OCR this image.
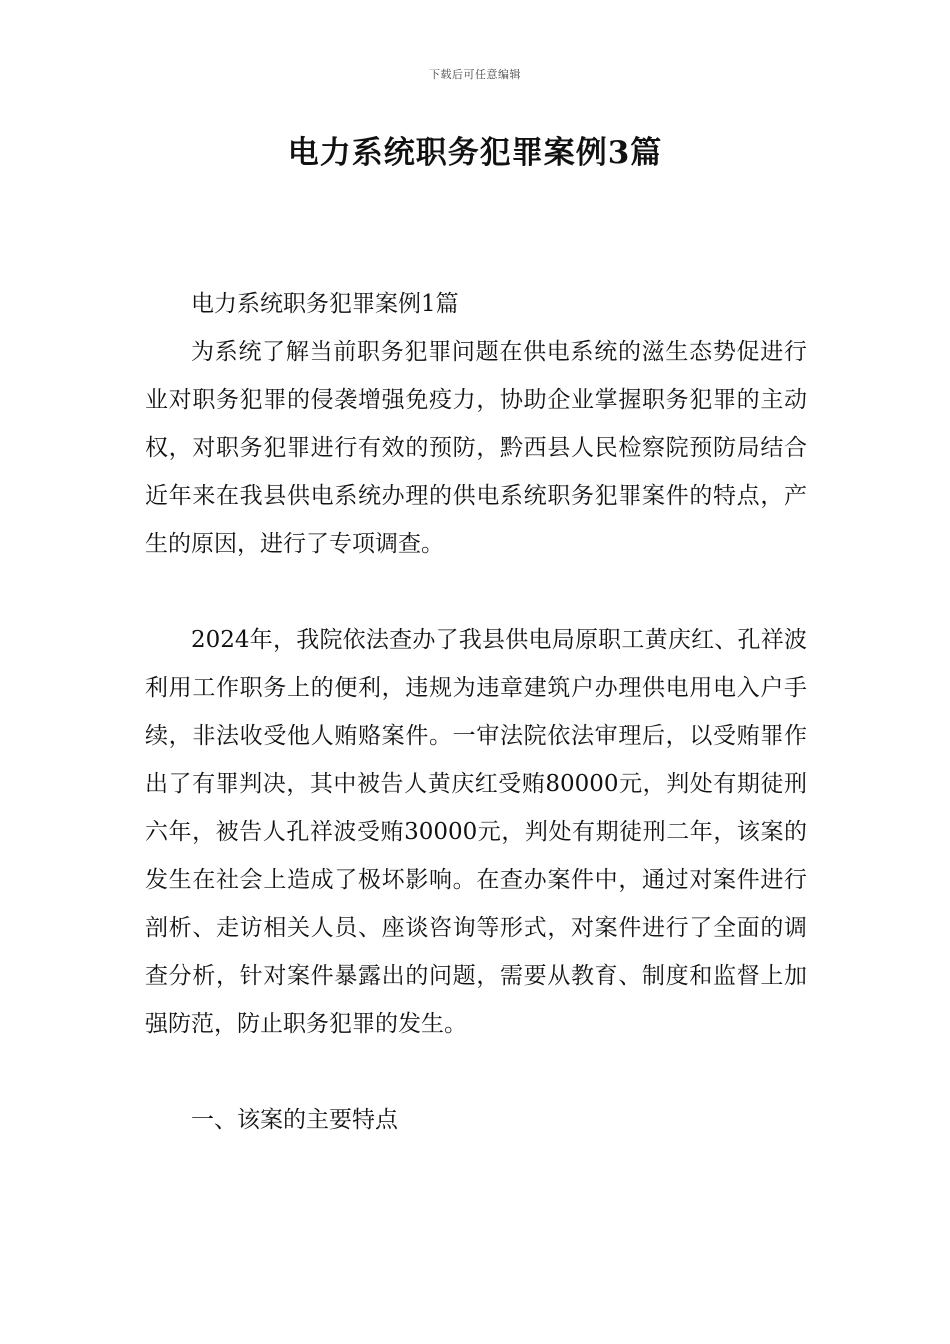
下载后可任意编辑
电力系统职务犯罪案例3篇

电力系统职务犯罪案例1篇

为系统了解当前职务犯罪问题在供电系统的滋生态势促进行业对职务犯罪的侵袭增强免疫力，协助企业掌握职务犯罪的主动权，对职务犯罪进行有效的预防，黔西县人民检察院预防局结合近年来在我县供电系统办理的供电系统职务犯罪案件的特点，产生的原因，进行了专项调查。

2024年，我院依法查办了我县供电局原职工黄庆红、孔祥波利用工作职务上的便利，违规为违章建筑户办理供电用电入户手续，非法收受他人贿赂案件。一审法院依法审理后，以受贿罪作出了有罪判决，其中被告人黄庆红受贿80000元，判处有期徒刑六年，被告人孔祥波受贿30000元，判处有期徒刑二年，该案的发生在社会上造成了极坏影响。在查办案件中，通过对案件进行剖析、走访相关人员、座谈咨询等形式，对案件进行了全面的调查分析，针对案件暴露出的问题，需要从教育、制度和监督上加强防范，防止职务犯罪的发生。

一、该案的主要特点
